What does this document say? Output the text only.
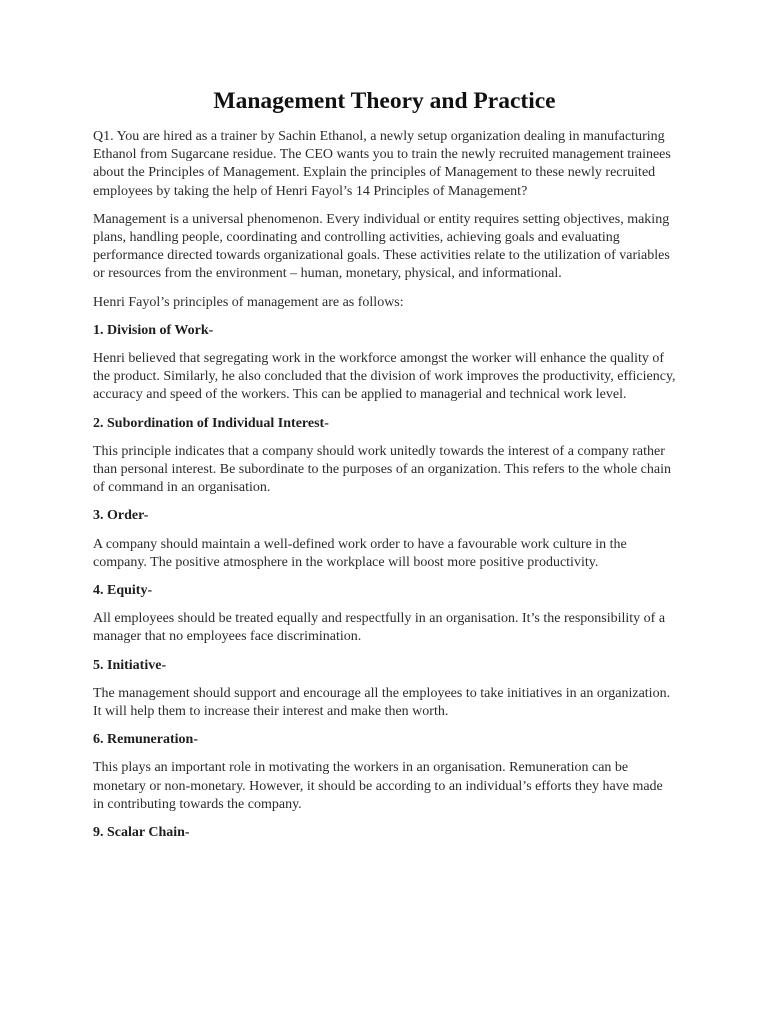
Management Theory and Practice

Q1. You are hired as a trainer by Sachin Ethanol, a newly setup organization dealing in manufacturing Ethanol from Sugarcane residue. The CEO wants you to train the newly recruited management trainees about the Principles of Management. Explain the principles of Management to these newly recruited employees by taking the help of Henri Fayol’s 14 Principles of Management?

Management is a universal phenomenon. Every individual or entity requires setting objectives, making plans, handling people, coordinating and controlling activities, achieving goals and evaluating performance directed towards organizational goals. These activities relate to the utilization of variables or resources from the environment – human, monetary, physical, and informational.

Henri Fayol’s principles of management are as follows:

1. Division of Work-

Henri believed that segregating work in the workforce amongst the worker will enhance the quality of the product. Similarly, he also concluded that the division of work improves the productivity, efficiency, accuracy and speed of the workers. This can be applied to managerial and technical work level.

2. Subordination of Individual Interest-

This principle indicates that a company should work unitedly towards the interest of a company rather than personal interest. Be subordinate to the purposes of an organization. This refers to the whole chain of command in an organisation.

3. Order-

A company should maintain a well-defined work order to have a favourable work culture in the company. The positive atmosphere in the workplace will boost more positive productivity.

4. Equity-

All employees should be treated equally and respectfully in an organisation. It’s the responsibility of a manager that no employees face discrimination.

5. Initiative-

The management should support and encourage all the employees to take initiatives in an organization. It will help them to increase their interest and make then worth.

6. Remuneration-

This plays an important role in motivating the workers in an organisation. Remuneration can be monetary or non-monetary. However, it should be according to an individual’s efforts they have made in contributing towards the company.

9. Scalar Chain-
